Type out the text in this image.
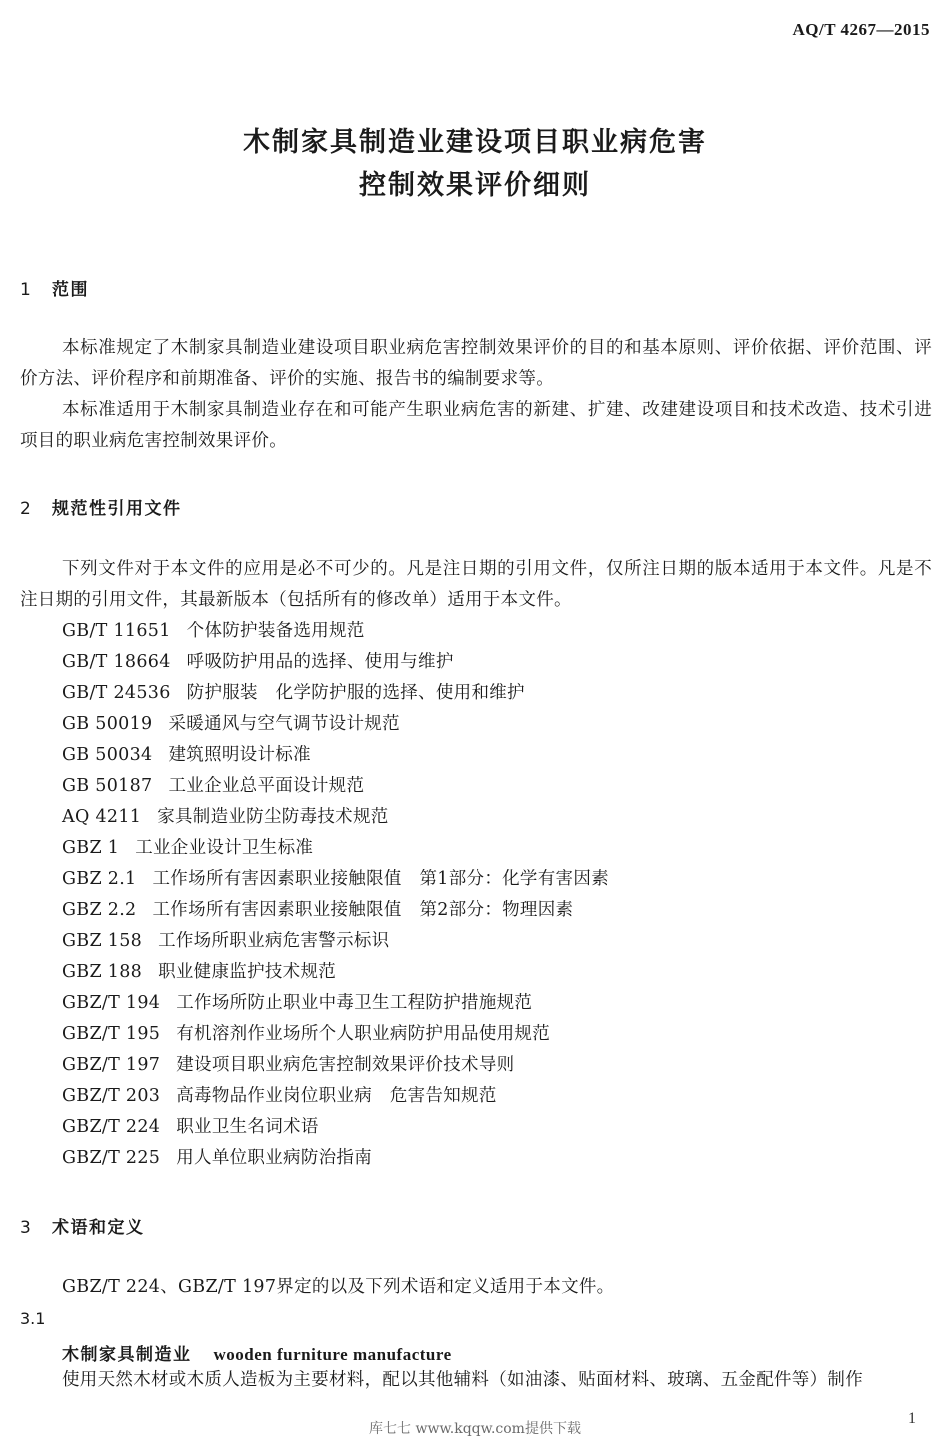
AQ/T 4267—2015
木制家具制造业建设项目职业病危害
控制效果评价细则
1 范围

本标准规定了木制家具制造业建设项目职业病危害控制效果评价的目的和基本原则、评价依据、评价范围、评价方法、评价程序和前期准备、评价的实施、报告书的编制要求等。

本标准适用于木制家具制造业存在和可能产生职业病危害的新建、扩建、改建建设项目和技术改造、技术引进项目的职业病危害控制效果评价。

2 规范性引用文件

下列文件对于本文件的应用是必不可少的。凡是注日期的引用文件，仅所注日期的版本适用于本文件。凡是不注日期的引用文件，其最新版本（包括所有的修改单）适用于本文件。

GB/T 11651 个体防护装备选用规范
GB/T 18664 呼吸防护用品的选择、使用与维护
GB/T 24536 防护服装　化学防护服的选择、使用和维护
GB 50019 采暖通风与空气调节设计规范
GB 50034 建筑照明设计标准
GB 50187 工业企业总平面设计规范
AQ 4211 家具制造业防尘防毒技术规范
GBZ 1 工业企业设计卫生标准
GBZ 2.1 工作场所有害因素职业接触限值　第1部分：化学有害因素
GBZ 2.2 工作场所有害因素职业接触限值　第2部分：物理因素
GBZ 158 工作场所职业病危害警示标识
GBZ 188 职业健康监护技术规范
GBZ/T 194 工作场所防止职业中毒卫生工程防护措施规范
GBZ/T 195 有机溶剂作业场所个人职业病防护用品使用规范
GBZ/T 197 建设项目职业病危害控制效果评价技术导则
GBZ/T 203 高毒物品作业岗位职业病　危害告知规范
GBZ/T 224 职业卫生名词术语
GBZ/T 225 用人单位职业病防治指南
3 术语和定义

GBZ/T 224、GBZ/T 197界定的以及下列术语和定义适用于本文件。

3.1
木制家具制造业 wooden furniture manufacture
使用天然木材或木质人造板为主要材料，配以其他辅料（如油漆、贴面材料、玻璃、五金配件等）制作
库七七 www.kqqw.com提供下载
1
